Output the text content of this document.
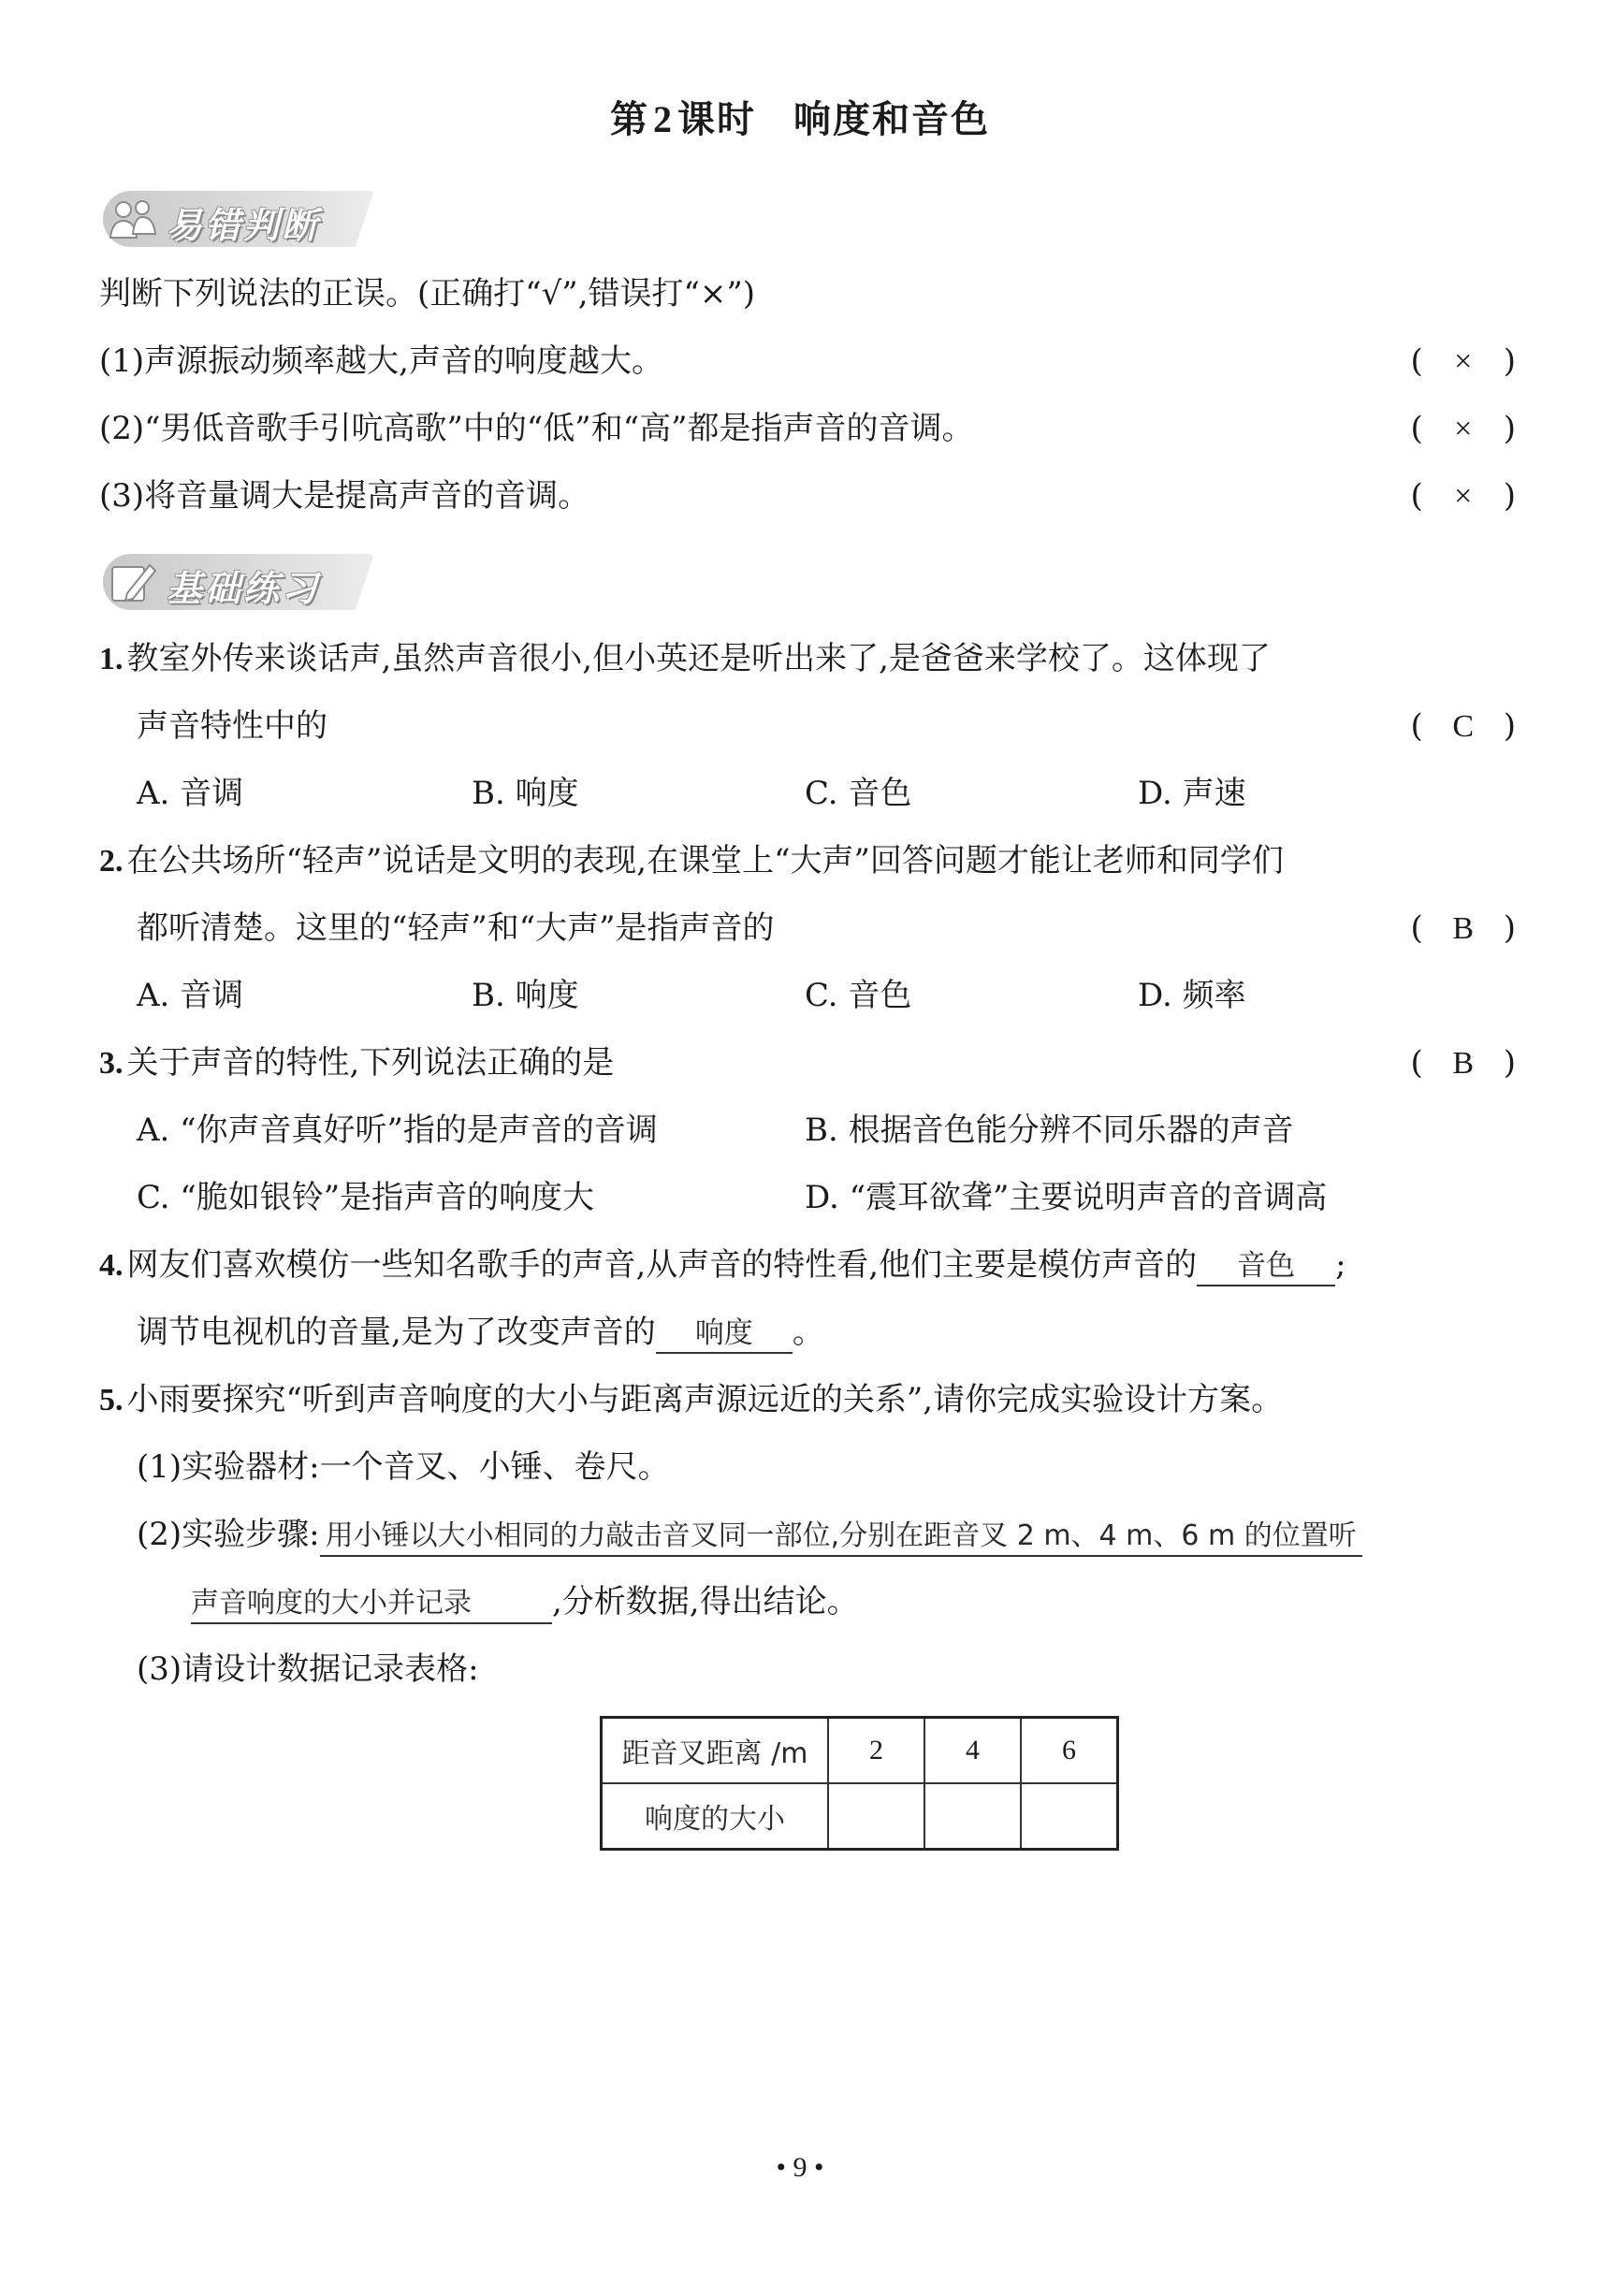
第 2 课时 响度和音色
易错判断
判断下列说法的正误。(正确打“√”,错误打“×”)
(1)声源振动频率越大,声音的响度越大。	( × )
(2)“男低音歌手引吭高歌”中的“低”和“高”都是指声音的音调。	( × )
(3)将音量调大是提高声音的音调。	( × )
基础练习
1. 教室外传来谈话声,虽然声音很小,但小英还是听出来了,是爸爸来学校了。这体现了
声音特性中的	( C )
A. 音调	B. 响度	C. 音色	D. 声速
2. 在公共场所“轻声”说话是文明的表现,在课堂上“大声”回答问题才能让老师和同学们
都听清楚。这里的“轻声”和“大声”是指声音的	( B )
A. 音调	B. 响度	C. 音色	D. 频率
3. 关于声音的特性,下列说法正确的是	( B )
A. “你声音真好听”指的是声音的音调	B. 根据音色能分辨不同乐器的声音
C. “脆如银铃”是指声音的响度大	D. “震耳欲聋”主要说明声音的音调高
4. 网友们喜欢模仿一些知名歌手的声音,从声音的特性看,他们主要是模仿声音的 音色 ;
调节电视机的音量,是为了改变声音的 响度 。
5. 小雨要探究“听到声音响度的大小与距离声源远近的关系”,请你完成实验设计方案。
(1)实验器材:一个音叉、小锤、卷尺。
(2)实验步骤: 用小锤以大小相同的力敲击音叉同一部位,分别在距音叉 2 m、4 m、6 m 的位置听
声音响度的大小并记录	,分析数据,得出结论。
(3)请设计数据记录表格:
距音叉距离 /m	2	4	6
响度的大小			
• 9 •
